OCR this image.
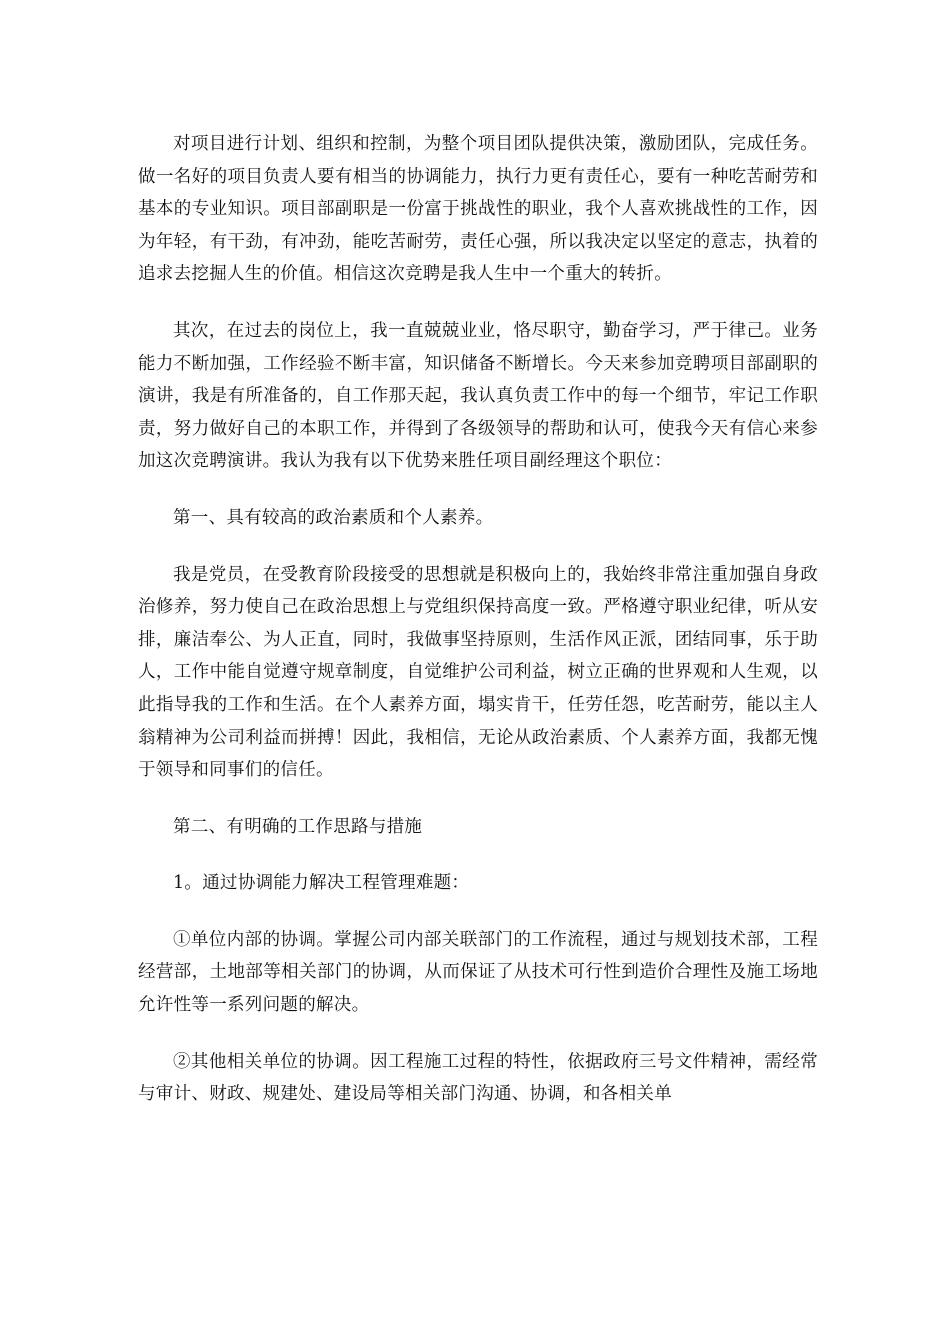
对项目进行计划、组织和控制，为整个项目团队提供决策，激励团队，完成任务。做一名好的项目负责人要有相当的协调能力，执行力更有责任心，要有一种吃苦耐劳和基本的专业知识。项目部副职是一份富于挑战性的职业，我个人喜欢挑战性的工作，因为年轻，有干劲，有冲劲，能吃苦耐劳，责任心强，所以我决定以坚定的意志，执着的追求去挖掘人生的价值。相信这次竞聘是我人生中一个重大的转折。

其次，在过去的岗位上，我一直兢兢业业，恪尽职守，勤奋学习，严于律己。业务能力不断加强，工作经验不断丰富，知识储备不断增长。今天来参加竞聘项目部副职的演讲，我是有所准备的，自工作那天起，我认真负责工作中的每一个细节，牢记工作职责，努力做好自己的本职工作，并得到了各级领导的帮助和认可，使我今天有信心来参加这次竞聘演讲。我认为我有以下优势来胜任项目副经理这个职位：

第一、具有较高的政治素质和个人素养。

我是党员，在受教育阶段接受的思想就是积极向上的，我始终非常注重加强自身政治修养，努力使自己在政治思想上与党组织保持高度一致。严格遵守职业纪律，听从安排，廉洁奉公、为人正直，同时，我做事坚持原则，生活作风正派，团结同事，乐于助人，工作中能自觉遵守规章制度，自觉维护公司利益，树立正确的世界观和人生观，以此指导我的工作和生活。在个人素养方面，塌实肯干，任劳任怨，吃苦耐劳，能以主人翁精神为公司利益而拼搏！因此，我相信，无论从政治素质、个人素养方面，我都无愧于领导和同事们的信任。

第二、有明确的工作思路与措施

1。通过协调能力解决工程管理难题：

①单位内部的协调。掌握公司内部关联部门的工作流程，通过与规划技术部，工程经营部，土地部等相关部门的协调，从而保证了从技术可行性到造价合理性及施工场地允许性等一系列问题的解决。

②其他相关单位的协调。因工程施工过程的特性，依据政府三号文件精神，需经常与审计、财政、规建处、建设局等相关部门沟通、协调，和各相关单
